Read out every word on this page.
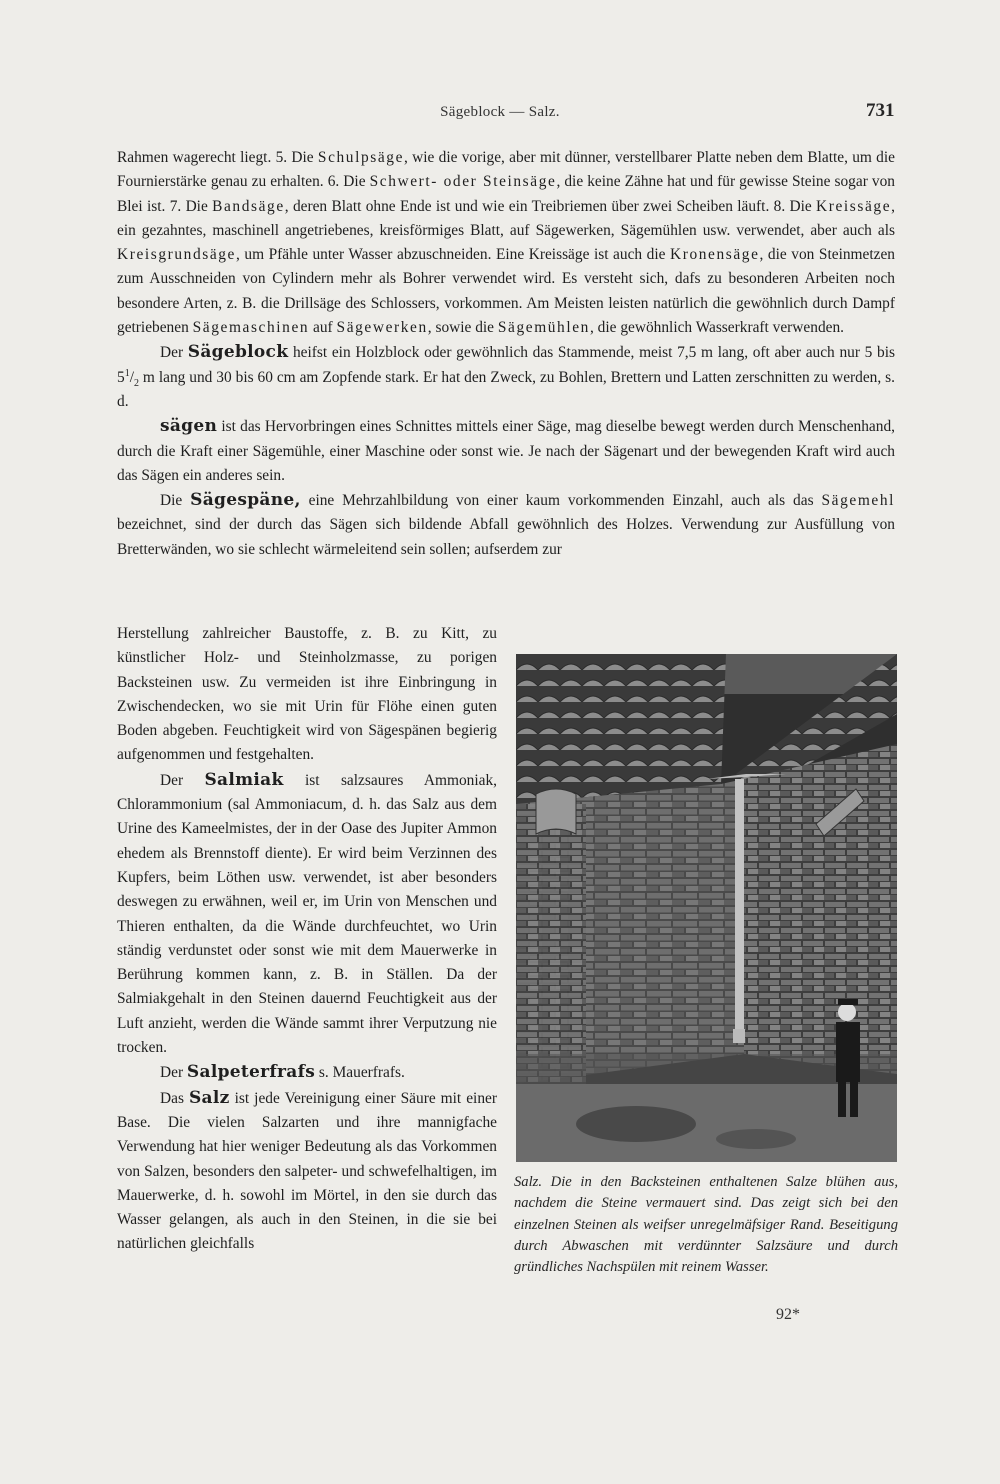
Sägeblock — Salz.	731

Rahmen wagerecht liegt. 5. Die Schulpsäge, wie die vorige, aber mit dünner, verstellbarer Platte neben dem Blatte, um die Fournierstärke genau zu erhalten. 6. Die Schwert- oder Steinsäge, die keine Zähne hat und für gewisse Steine sogar von Blei ist. 7. Die Bandsäge, deren Blatt ohne Ende ist und wie ein Treibriemen über zwei Scheiben läuft. 8. Die Kreissäge, ein gezahntes, maschinell angetriebenes, kreisförmiges Blatt, auf Sägewerken, Sägemühlen usw. verwendet, aber auch als Kreisgrundsäge, um Pfähle unter Wasser abzuschneiden. Eine Kreissäge ist auch die Kronensäge, die von Steinmetzen zum Ausschneiden von Cylindern mehr als Bohrer verwendet wird. Es versteht sich, dafs zu besonderen Arbeiten noch besondere Arten, z. B. die Drillsäge des Schlossers, vorkommen. Am Meisten leisten natürlich die gewöhnlich durch Dampf getriebenen Sägemaschinen auf Sägewerken, sowie die Sägemühlen, die gewöhnlich Wasserkraft verwenden.

Der Sägeblock heifst ein Holzblock oder gewöhnlich das Stammende, meist 7,5 m lang, oft aber auch nur 5 bis $5^1/_2$ m lang und 30 bis 60 cm am Zopfende stark. Er hat den Zweck, zu Bohlen, Brettern und Latten zerschnitten zu werden, s. d.

sägen ist das Hervorbringen eines Schnittes mittels einer Säge, mag dieselbe bewegt werden durch Menschenhand, durch die Kraft einer Sägemühle, einer Maschine oder sonst wie. Je nach der Sägenart und der bewegenden Kraft wird auch das Sägen ein anderes sein.

Die Sägespäne, eine Mehrzahlbildung von einer kaum vorkommenden Einzahl, auch als das Sägemehl bezeichnet, sind der durch das Sägen sich bildende Abfall gewöhnlich des Holzes. Verwendung zur Ausfüllung von Bretterwänden, wo sie schlecht wärmeleitend sein sollen; aufserdem zur

Herstellung zahlreicher Baustoffe, z. B. zu Kitt, zu künstlicher Holz- und Steinholzmasse, zu porigen Backsteinen usw. Zu vermeiden ist ihre Einbringung in Zwischendecken, wo sie mit Urin für Flöhe einen guten Boden abgeben. Feuchtigkeit wird von Sägespänen begierig aufgenommen und festgehalten.

Der Salmiak ist salzsaures Ammoniak, Chlorammonium (sal Ammoniacum, d. h. das Salz aus dem Urine des Kameelmistes, der in der Oase des Jupiter Ammon ehedem als Brennstoff diente). Er wird beim Verzinnen des Kupfers, beim Löthen usw. verwendet, ist aber besonders deswegen zu erwähnen, weil er, im Urin von Menschen und Thieren enthalten, da die Wände durchfeuchtet, wo Urin ständig verdunstet oder sonst wie mit dem Mauerwerke in Berührung kommen kann, z. B. in Ställen. Da der Salmiakgehalt in den Steinen dauernd Feuchtigkeit aus der Luft anzieht, werden die Wände sammt ihrer Verputzung nie trocken.

Der Salpeterfrafs s. Mauerfrafs.

Das Salz ist jede Vereinigung einer Säure mit einer Base. Die vielen Salzarten und ihre mannigfache Verwendung hat hier weniger Bedeutung als das Vorkommen von Salzen, besonders den salpeter- und schwefelhaltigen, im Mauerwerke, d. h. sowohl im Mörtel, in den sie durch das Wasser gelangen, als auch in den Steinen, in die sie bei natürlichen gleichfalls

Salz. Die in den Backsteinen enthaltenen Salze blühen aus, nachdem die Steine vermauert sind. Das zeigt sich bei den einzelnen Steinen als weifser unregelmäfsiger Rand. Beseitigung durch Abwaschen mit verdünnter Salzsäure und durch gründliches Nachspülen mit reinem Wasser.
92*
